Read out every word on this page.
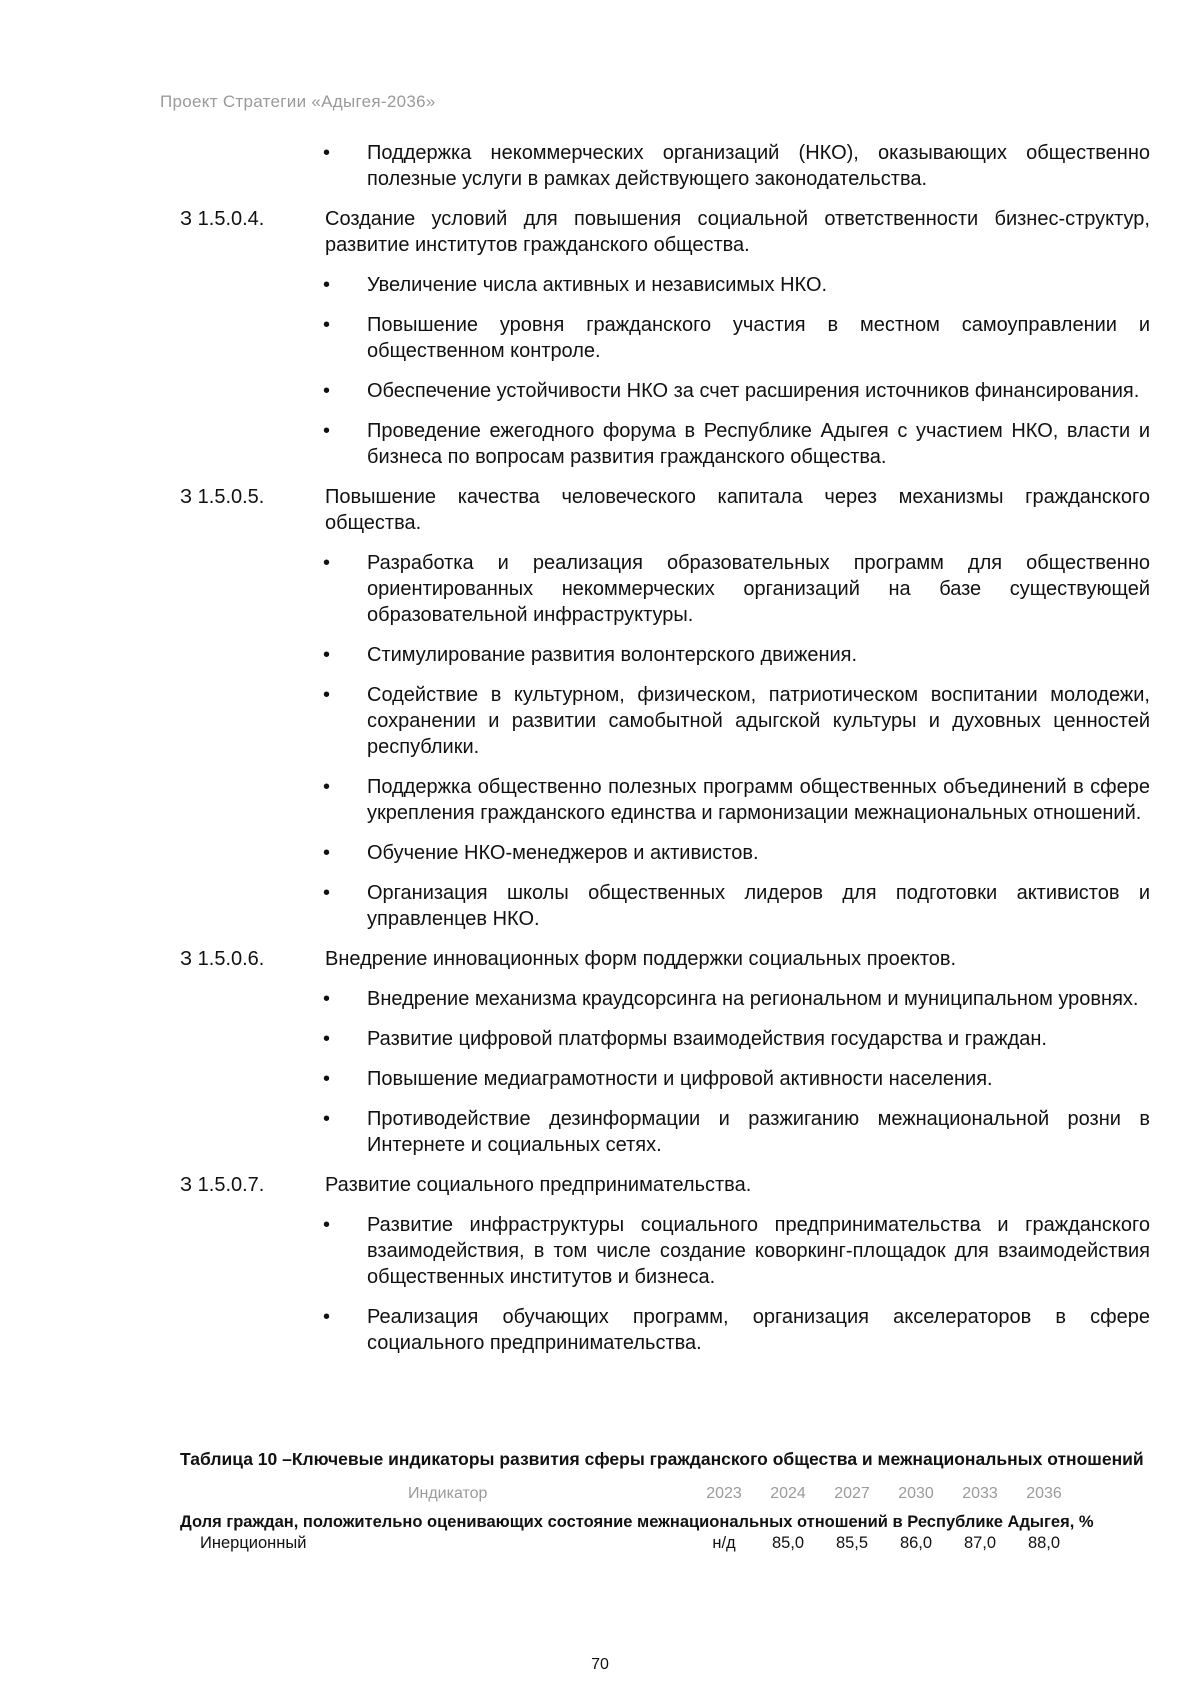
Проект Стратегии «Адыгея-2036»
• Поддержка некоммерческих организаций (НКО), оказывающих общественно полезные услуги в рамках действующего законодательства.
З 1.5.0.4.	Создание условий для повышения социальной ответственности бизнес-структур, развитие институтов гражданского общества.
• Увеличение числа активных и независимых НКО.
• Повышение уровня гражданского участия в местном самоуправлении и общественном контроле.
• Обеспечение устойчивости НКО за счет расширения источников финансирования.
• Проведение ежегодного форума в Республике Адыгея с участием НКО, власти и бизнеса по вопросам развития гражданского общества.
З 1.5.0.5.	Повышение качества человеческого капитала через механизмы гражданского общества.
• Разработка и реализация образовательных программ для общественно ориентированных некоммерческих организаций на базе существующей образовательной инфраструктуры.
• Стимулирование развития волонтерского движения.
• Содействие в культурном, физическом, патриотическом воспитании молодежи, сохранении и развитии самобытной адыгской культуры и духовных ценностей республики.
• Поддержка общественно полезных программ общественных объединений в сфере укрепления гражданского единства и гармонизации межнациональных отношений.
• Обучение НКО-менеджеров и активистов.
• Организация школы общественных лидеров для подготовки активистов и управленцев НКО.
З 1.5.0.6.	Внедрение инновационных форм поддержки социальных проектов.
• Внедрение механизма краудсорсинга на региональном и муниципальном уровнях.
• Развитие цифровой платформы взаимодействия государства и граждан.
• Повышение медиаграмотности и цифровой активности населения.
• Противодействие дезинформации и разжиганию межнациональной розни в Интернете и социальных сетях.
З 1.5.0.7.	Развитие социального предпринимательства.
• Развитие инфраструктуры социального предпринимательства и гражданского взаимодействия, в том числе создание коворкинг-площадок для взаимодействия общественных институтов и бизнеса.
• Реализация обучающих программ, организация акселераторов в сфере социального предпринимательства.
Таблица 10 –Ключевые индикаторы развития сферы гражданского общества и межнациональных отношений
Индикатор	2023	2024	2027	2030	2033	2036
Доля граждан, положительно оценивающих состояние межнациональных отношений в Республике Адыгея, %
Инерционный	н/д	85,0	85,5	86,0	87,0	88,0
70
